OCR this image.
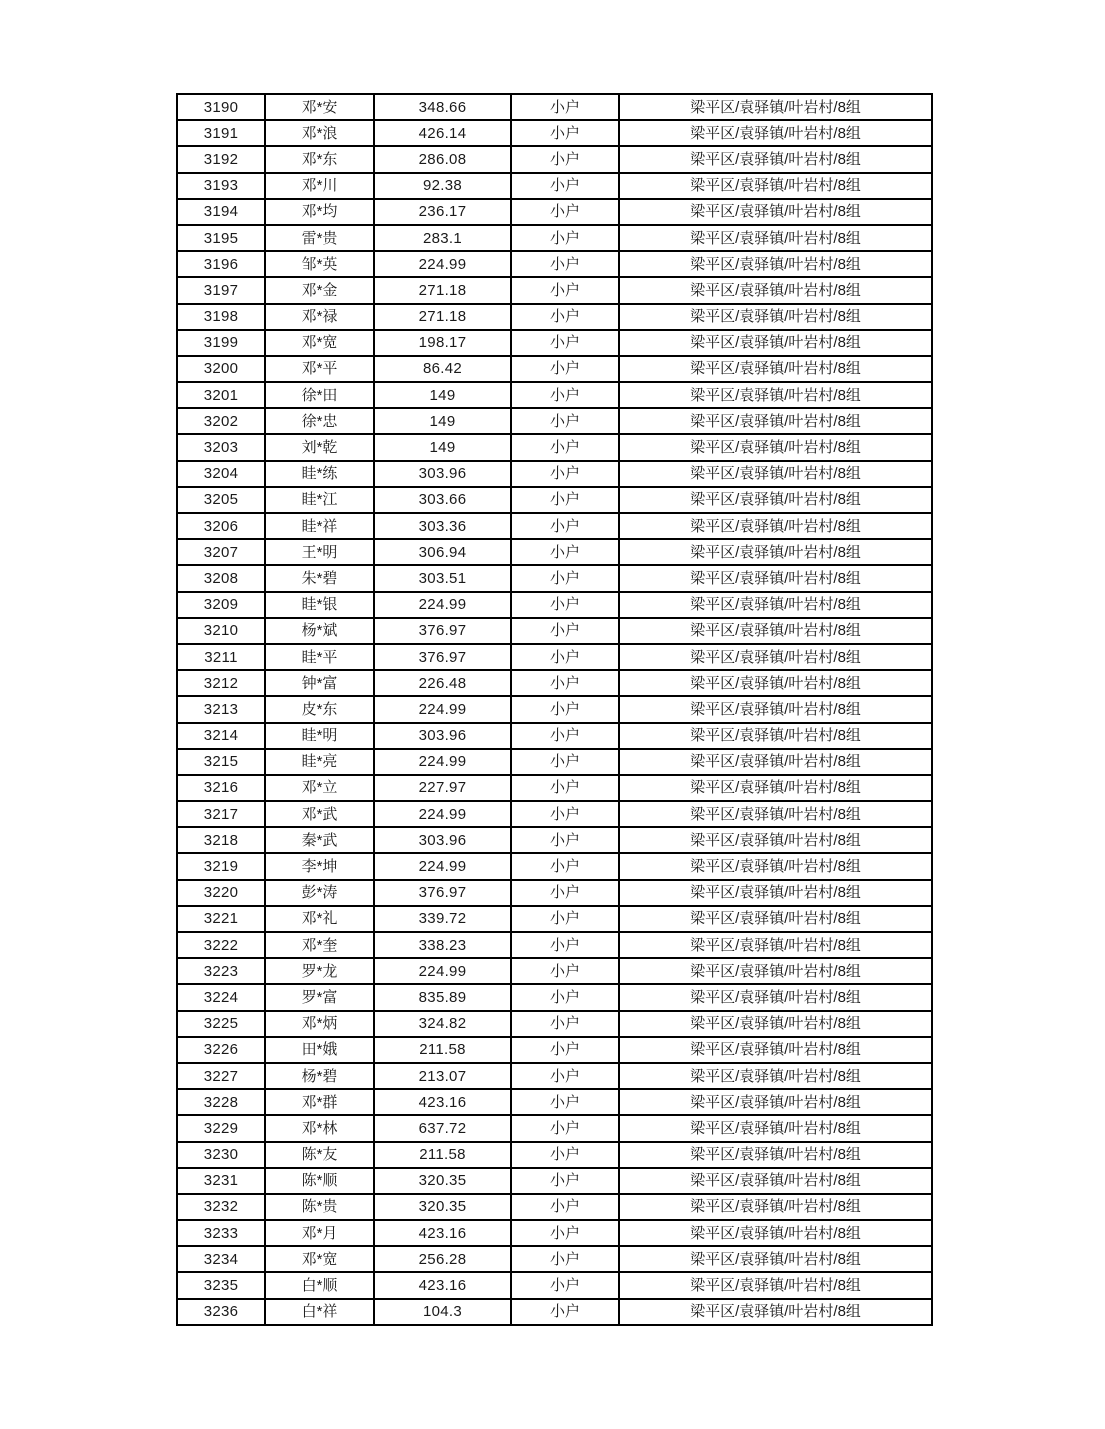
3190	邓*安	348.66	小户	梁平区/袁驿镇/叶岩村/8组
3191	邓*浪	426.14	小户	梁平区/袁驿镇/叶岩村/8组
3192	邓*东	286.08	小户	梁平区/袁驿镇/叶岩村/8组
3193	邓*川	92.38	小户	梁平区/袁驿镇/叶岩村/8组
3194	邓*均	236.17	小户	梁平区/袁驿镇/叶岩村/8组
3195	雷*贵	283.1	小户	梁平区/袁驿镇/叶岩村/8组
3196	邹*英	224.99	小户	梁平区/袁驿镇/叶岩村/8组
3197	邓*金	271.18	小户	梁平区/袁驿镇/叶岩村/8组
3198	邓*禄	271.18	小户	梁平区/袁驿镇/叶岩村/8组
3199	邓*宽	198.17	小户	梁平区/袁驿镇/叶岩村/8组
3200	邓*平	86.42	小户	梁平区/袁驿镇/叶岩村/8组
3201	徐*田	149	小户	梁平区/袁驿镇/叶岩村/8组
3202	徐*忠	149	小户	梁平区/袁驿镇/叶岩村/8组
3203	刘*乾	149	小户	梁平区/袁驿镇/叶岩村/8组
3204	眭*练	303.96	小户	梁平区/袁驿镇/叶岩村/8组
3205	眭*江	303.66	小户	梁平区/袁驿镇/叶岩村/8组
3206	眭*祥	303.36	小户	梁平区/袁驿镇/叶岩村/8组
3207	王*明	306.94	小户	梁平区/袁驿镇/叶岩村/8组
3208	朱*碧	303.51	小户	梁平区/袁驿镇/叶岩村/8组
3209	眭*银	224.99	小户	梁平区/袁驿镇/叶岩村/8组
3210	杨*斌	376.97	小户	梁平区/袁驿镇/叶岩村/8组
3211	眭*平	376.97	小户	梁平区/袁驿镇/叶岩村/8组
3212	钟*富	226.48	小户	梁平区/袁驿镇/叶岩村/8组
3213	皮*东	224.99	小户	梁平区/袁驿镇/叶岩村/8组
3214	眭*明	303.96	小户	梁平区/袁驿镇/叶岩村/8组
3215	眭*亮	224.99	小户	梁平区/袁驿镇/叶岩村/8组
3216	邓*立	227.97	小户	梁平区/袁驿镇/叶岩村/8组
3217	邓*武	224.99	小户	梁平区/袁驿镇/叶岩村/8组
3218	秦*武	303.96	小户	梁平区/袁驿镇/叶岩村/8组
3219	李*坤	224.99	小户	梁平区/袁驿镇/叶岩村/8组
3220	彭*涛	376.97	小户	梁平区/袁驿镇/叶岩村/8组
3221	邓*礼	339.72	小户	梁平区/袁驿镇/叶岩村/8组
3222	邓*奎	338.23	小户	梁平区/袁驿镇/叶岩村/8组
3223	罗*龙	224.99	小户	梁平区/袁驿镇/叶岩村/8组
3224	罗*富	835.89	小户	梁平区/袁驿镇/叶岩村/8组
3225	邓*炳	324.82	小户	梁平区/袁驿镇/叶岩村/8组
3226	田*娥	211.58	小户	梁平区/袁驿镇/叶岩村/8组
3227	杨*碧	213.07	小户	梁平区/袁驿镇/叶岩村/8组
3228	邓*群	423.16	小户	梁平区/袁驿镇/叶岩村/8组
3229	邓*林	637.72	小户	梁平区/袁驿镇/叶岩村/8组
3230	陈*友	211.58	小户	梁平区/袁驿镇/叶岩村/8组
3231	陈*顺	320.35	小户	梁平区/袁驿镇/叶岩村/8组
3232	陈*贵	320.35	小户	梁平区/袁驿镇/叶岩村/8组
3233	邓*月	423.16	小户	梁平区/袁驿镇/叶岩村/8组
3234	邓*宽	256.28	小户	梁平区/袁驿镇/叶岩村/8组
3235	白*顺	423.16	小户	梁平区/袁驿镇/叶岩村/8组
3236	白*祥	104.3	小户	梁平区/袁驿镇/叶岩村/8组
